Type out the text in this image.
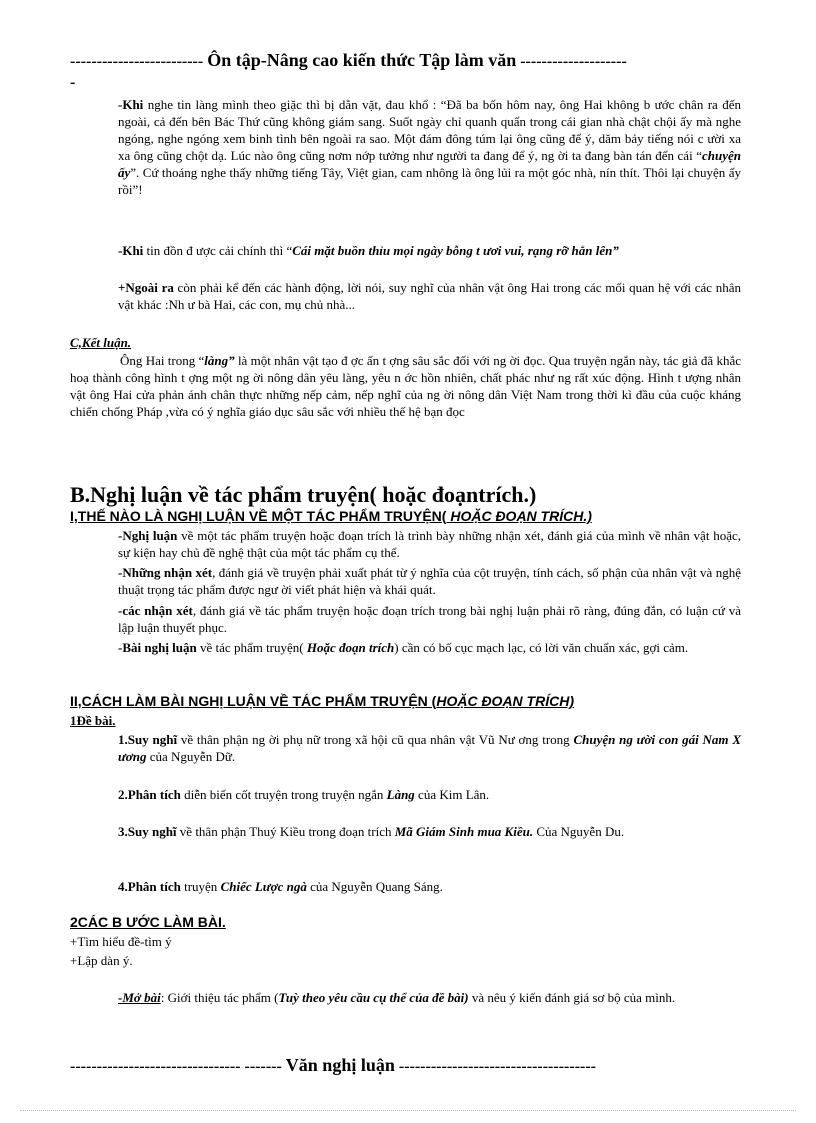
------------------------- Ôn tập-Nâng cao kiến thức Tập làm văn --------------------
-
-Khi nghe tin làng mình theo giặc thì bị dằn vặt, đau khổ : “Đã ba bốn hôm nay, ông Hai không b ước chân ra đến ngoài, cả đến bên Bác Thứ cũng không giám sang. Suốt ngày chỉ quanh quẩn trong cái gian nhà chật chội ấy mà nghe ngóng, nghe ngóng xem binh tình bên ngoài ra sao. Một đám đông túm lại ông cũng để ý, dăm bảy tiếng nói c ười xa xa ông cũng chột dạ. Lúc nào ông cũng nơm nớp tưởng như người ta đang để ý, ng ời ta đang bàn tán đến cái “chuyện ấy”. Cứ thoáng nghe thấy những tiếng Tây, Việt gian, cam nhông là ông lủi ra một góc nhà, nín thít. Thôi lại chuyện ấy rồi”!
-Khi tin đồn đ ược cải chính thì “Cái mặt buồn thỉu mọi ngày bỗng t ươi vui, rạng rỡ hẳn lên”
+Ngoài ra còn phải kể đến các hành động, lời nói, suy nghĩ của nhân vật ông Hai trong các mối quan hệ với các nhân vật khác :Nh ư bà Hai, các con, mụ chủ nhà...
C,Kết luận.
Ông Hai trong “làng” là một nhân vật tạo đ ợc ấn t ợng sâu sắc đối với ng ời đọc. Qua truyện ngắn này, tác giả đã khắc hoạ thành công hình t ợng một ng ời nông dân yêu làng, yêu n ớc hồn nhiên, chất phác như ng rất xúc động. Hình t ượng nhân vật ông Hai cửa phản ánh chân thực những nếp cảm, nếp nghĩ của ng ời nông dân Việt Nam trong thời kì đầu của cuộc kháng chiến chống Pháp ,vừa có ý nghĩa giáo dục sâu sắc với nhiều thế hệ bạn đọc
B.Nghị luận về tác phẩm truyện( hoặc đoạntrích.)
I,THẾ NÀO LÀ NGHỊ LUẬN VỀ MỘT TÁC PHẨM TRUYỆN( HOẶC ĐOẠN TRÍCH.)
-Nghị luận về một tác phẩm truyện hoặc đoạn trích là trình bày những nhận xét, đánh giá của mình về nhân vật hoặc, sự kiện hay chủ đề nghệ thật của một tác phẩm cụ thể.
-Những nhận xét, đánh giá về truyện phải xuất phát từ ý nghĩa của cột truyện, tính cách, số phận của nhân vật và nghệ thuật trọng tác phẩm được ngư ời viết phát hiện và khái quát.
-các nhận xét, đánh giá về tác phẩm truyện hoặc đoạn trích trong bài nghị luận phải rõ ràng, đúng đắn, có luận cứ và lập luận thuyết phục.
-Bài nghị luận về tác phẩm truyện( Hoặc đoạn trích) cần có bố cục mạch lạc, có lời văn chuẩn xác, gợi cảm.
II,CÁCH LÀM BÀI NGHỊ LUẬN VỀ TÁC PHẨM TRUYỆN (HOẶC ĐOẠN TRÍCH)
1Đề bài.
1.Suy nghĩ về thân phận ng ời phụ nữ trong xã hội cũ qua nhân vật Vũ Nư ơng trong Chuyện ng ười con gái Nam X ương của Nguyễn Dữ.
2.Phân tích diễn biến cốt truyện trong truyện ngắn Làng của Kim Lân.
3.Suy nghĩ về thân phận Thuý Kiều trong đoạn trích Mã Giám Sinh mua Kiều. Của Nguyễn Du.
4.Phân tích truyện Chiếc Lược ngà của Nguyễn Quang Sáng.
2CÁC B ƯỚC LÀM BÀI.
+Tìm hiểu đề-tìm ý
+Lập dàn ý.
-Mở bài: Giới thiệu tác phẩm (Tuỳ theo yêu cầu cụ thể của đề bài) và nêu ý kiến đánh giá sơ bộ của mình.
-------------------------------- ------- Văn nghị luận -------------------------------------
